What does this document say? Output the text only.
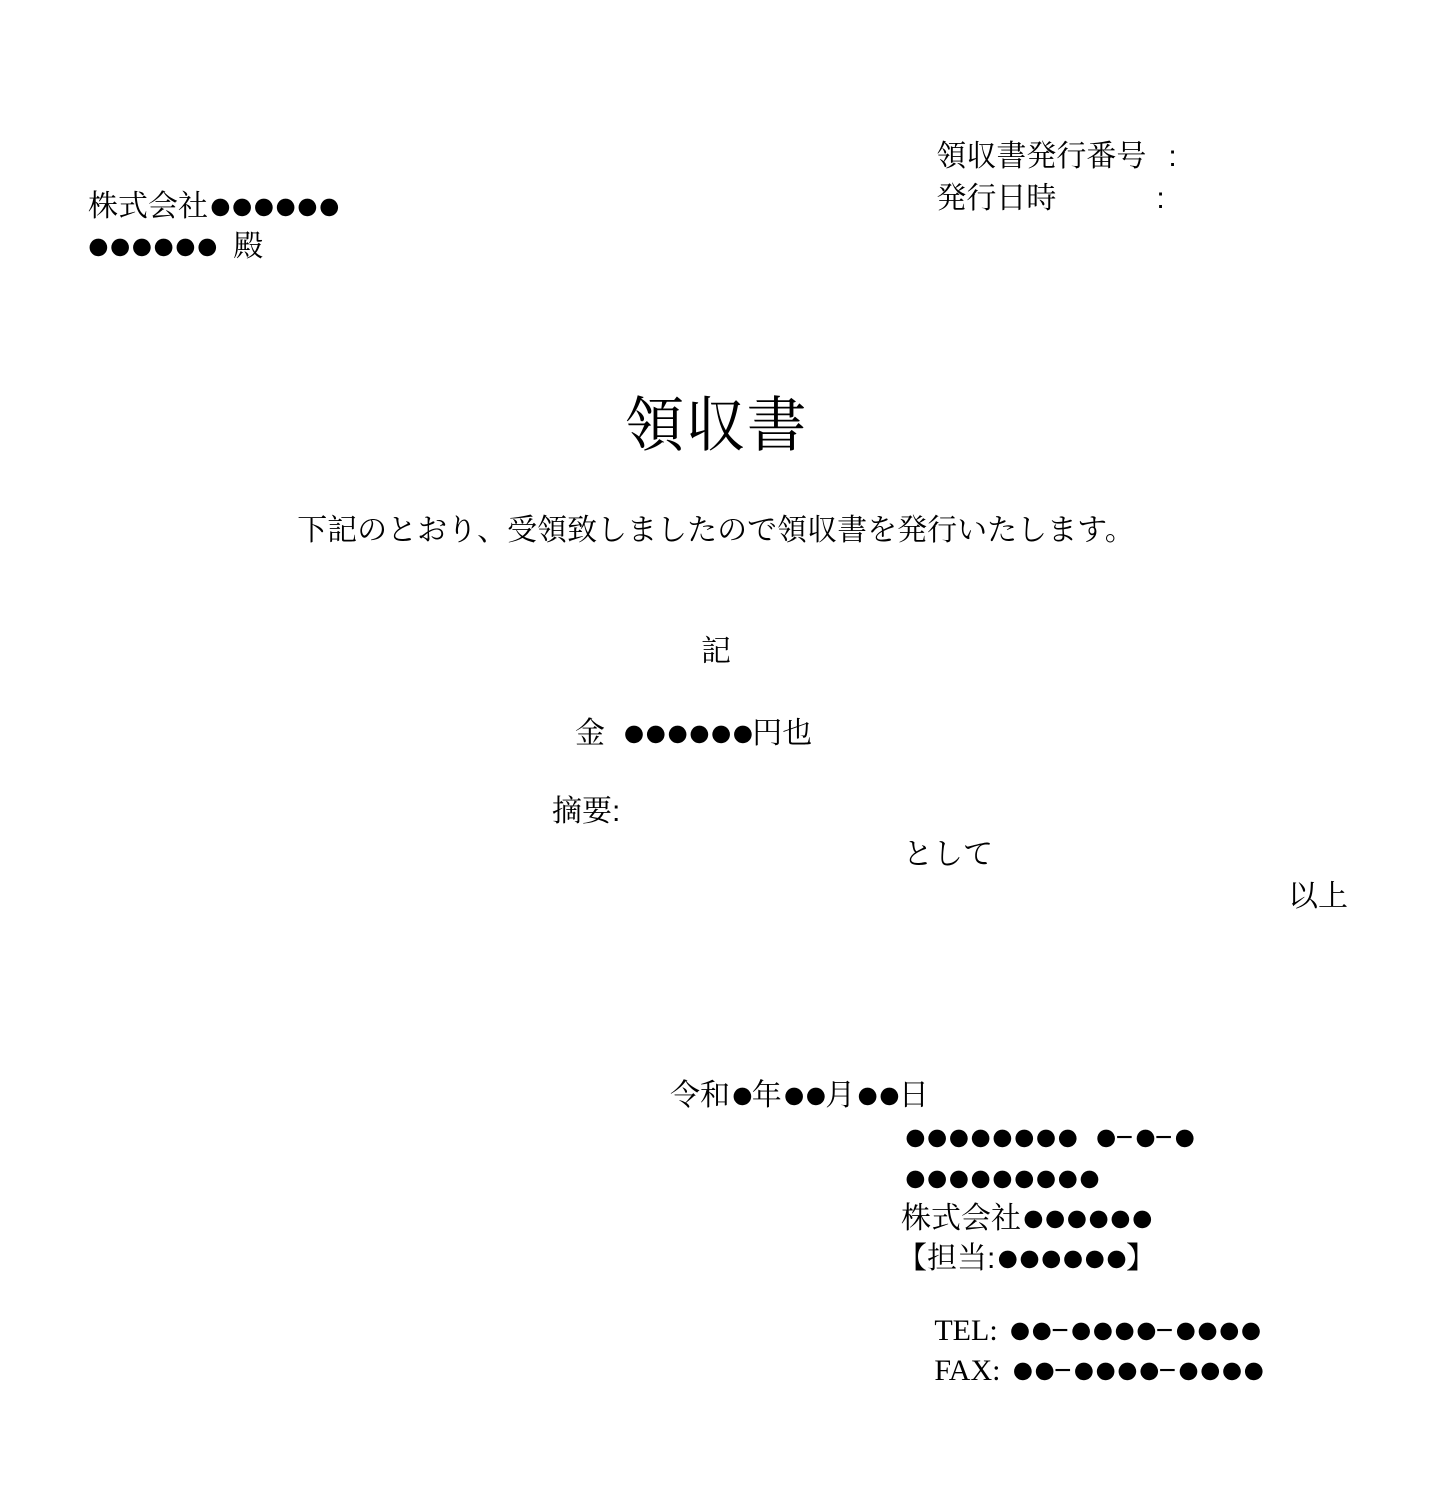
領収書発行番号 :

発行日時	:

株式会社●●●●●●
●●●●●●  殿
領収書
下記のとおり、受領致しましたので領収書を発行いたします。
記
金  ●●●●●●円也
摘要:
として
以上
令和●年●●月●●日
●●●●●●●● ●−●−●
●●●●●●●●●
株式会社●●●●●●
【担当:●●●●●●】

TEL: ●●−●●●●−●●●●

FAX: ●●−●●●●−●●●●
